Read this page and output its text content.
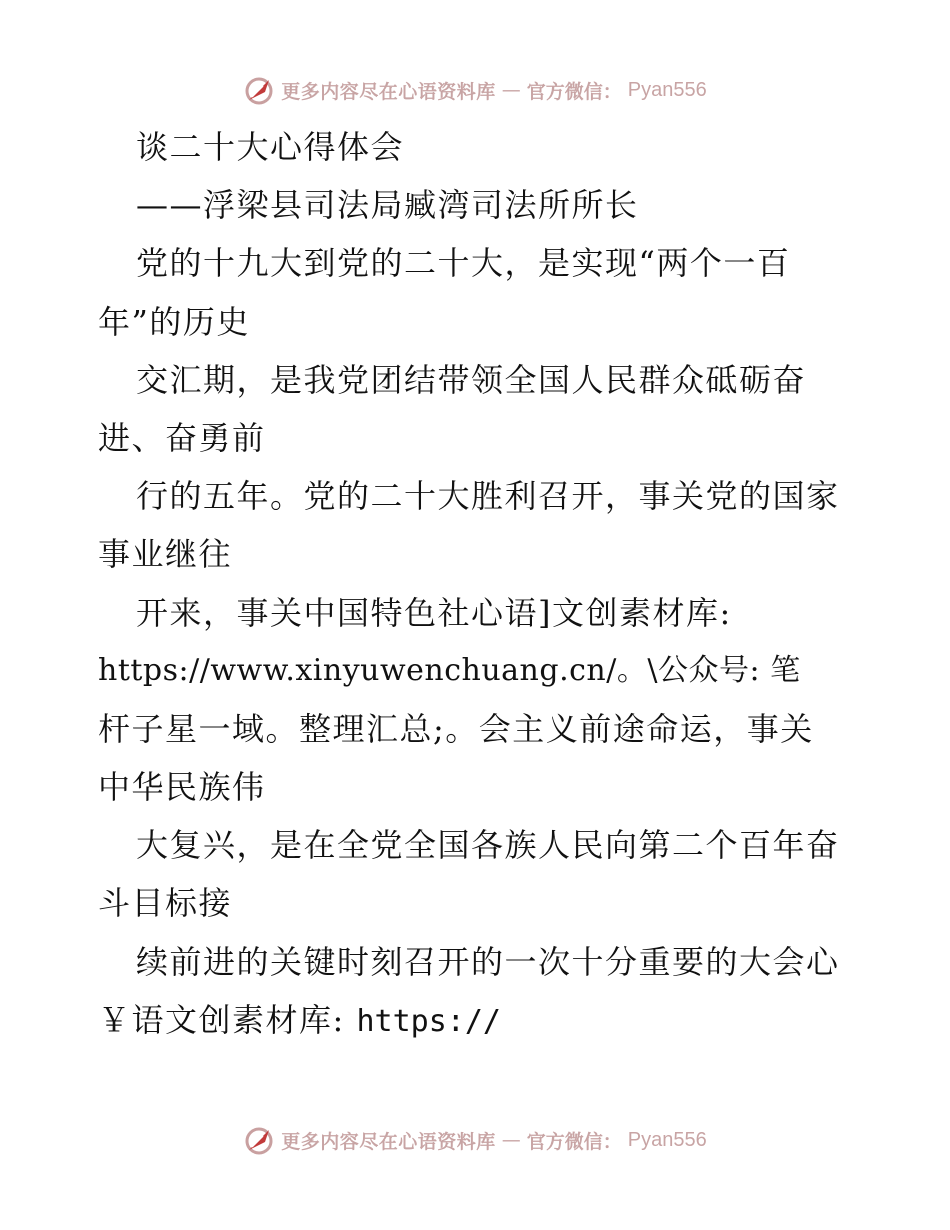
更多内容尽在心语资料库 — 官方微信： Pyan556
谈二十大心得体会
——浮梁县司法局臧湾司法所所长
党的十九大到党的二十大，是实现“两个一百
年”的历史
交汇期，是我党团结带领全国人民群众砥砺奋
进、奋勇前
行的五年。党的二十大胜利召开，事关党的国家
事业继往
开来，事关中国特色社心语]文创素材库:
https://www.xinyuwenchuang.cn/。\公众号: 笔
杆子星一域。整理汇总;。会主义前途命运，事关
中华民族伟
大复兴，是在全党全国各族人民向第二个百年奋
斗目标接
续前进的关键时刻召开的一次十分重要的大会心
￥语文创素材库: https://
更多内容尽在心语资料库 — 官方微信： Pyan556
